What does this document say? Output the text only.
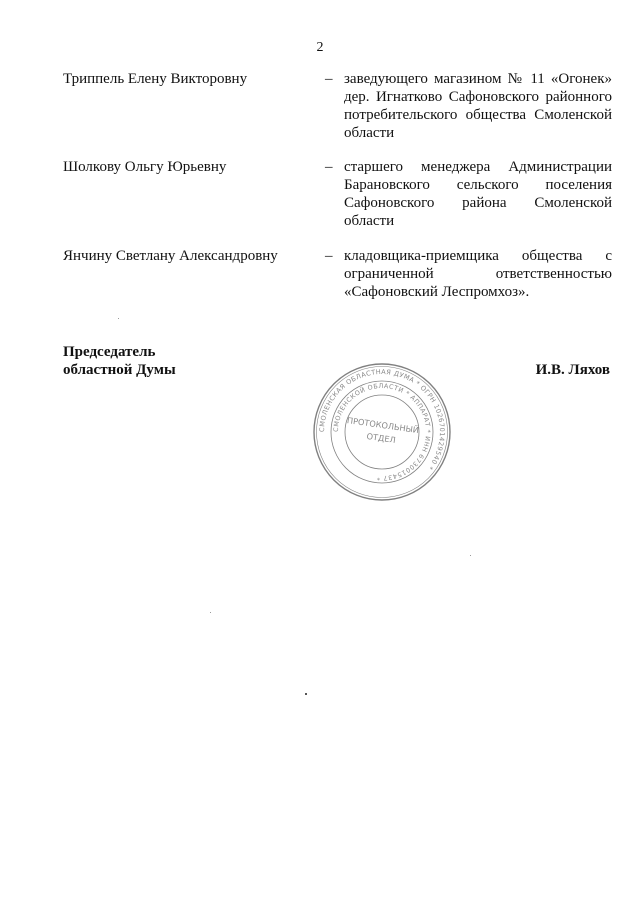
2
Триппель Елену Викторовну	– заведующего магазином № 11 «Огонек»
дер. Игнатково Сафоновского районного
потребительского общества Смоленской
области
Шолкову Ольгу Юрьевну	– старшего менеджера Администрации
Барановского сельского поселения
Сафоновского района Смоленской
области
Янчину Светлану Александровну	– кладовщика-приемщика общества с
ограниченной ответственностью
«Сафоновский Леспромхоз».
Председатель
областной Думы	И.В. Ляхов
СМОЛЕНСКАЯ ОБЛАСТНАЯ ДУМА * ОГРН 1026701429540 *
СМОЛЕНСКОЙ ОБЛАСТИ * АППАРАТ * ИНН 6730015437 *
ПРОТОКОЛЬНЫЙ
ОТДЕЛ
